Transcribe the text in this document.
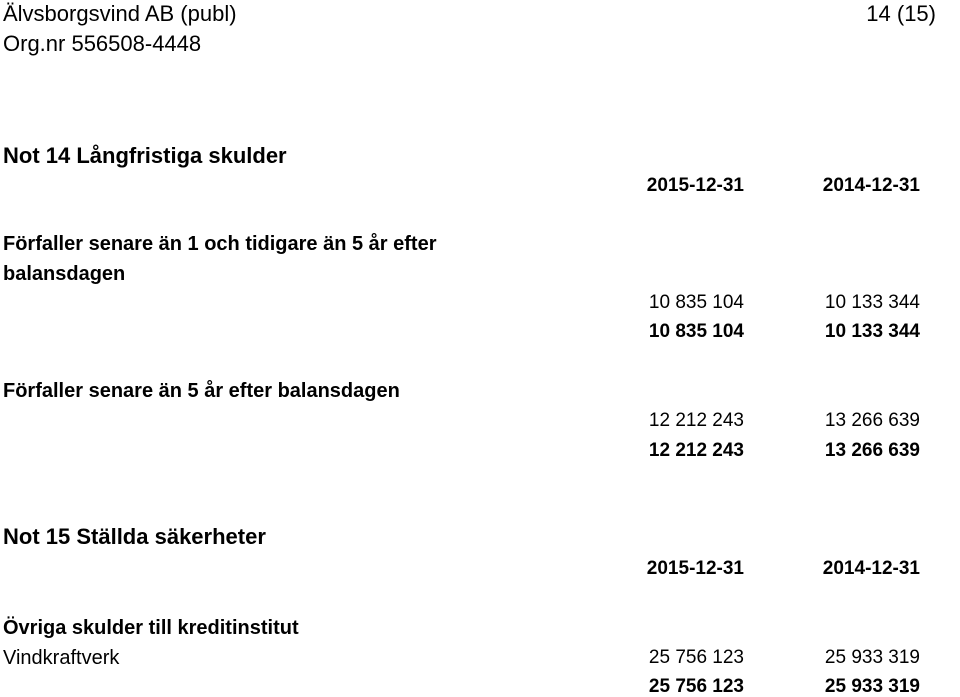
Älvsborgsvind AB (publ)
Org.nr 556508-4448
14 (15)
Not 14 Långfristiga skulder
2015-12-31	2014-12-31
Förfaller senare än 1 och tidigare än 5 år efter
balansdagen
10 835 104	10 133 344
10 835 104	10 133 344
Förfaller senare än 5 år efter balansdagen
12 212 243	13 266 639
12 212 243	13 266 639
Not 15 Ställda säkerheter
2015-12-31	2014-12-31
Övriga skulder till kreditinstitut
Vindkraftverk	25 756 123	25 933 319
25 756 123	25 933 319
